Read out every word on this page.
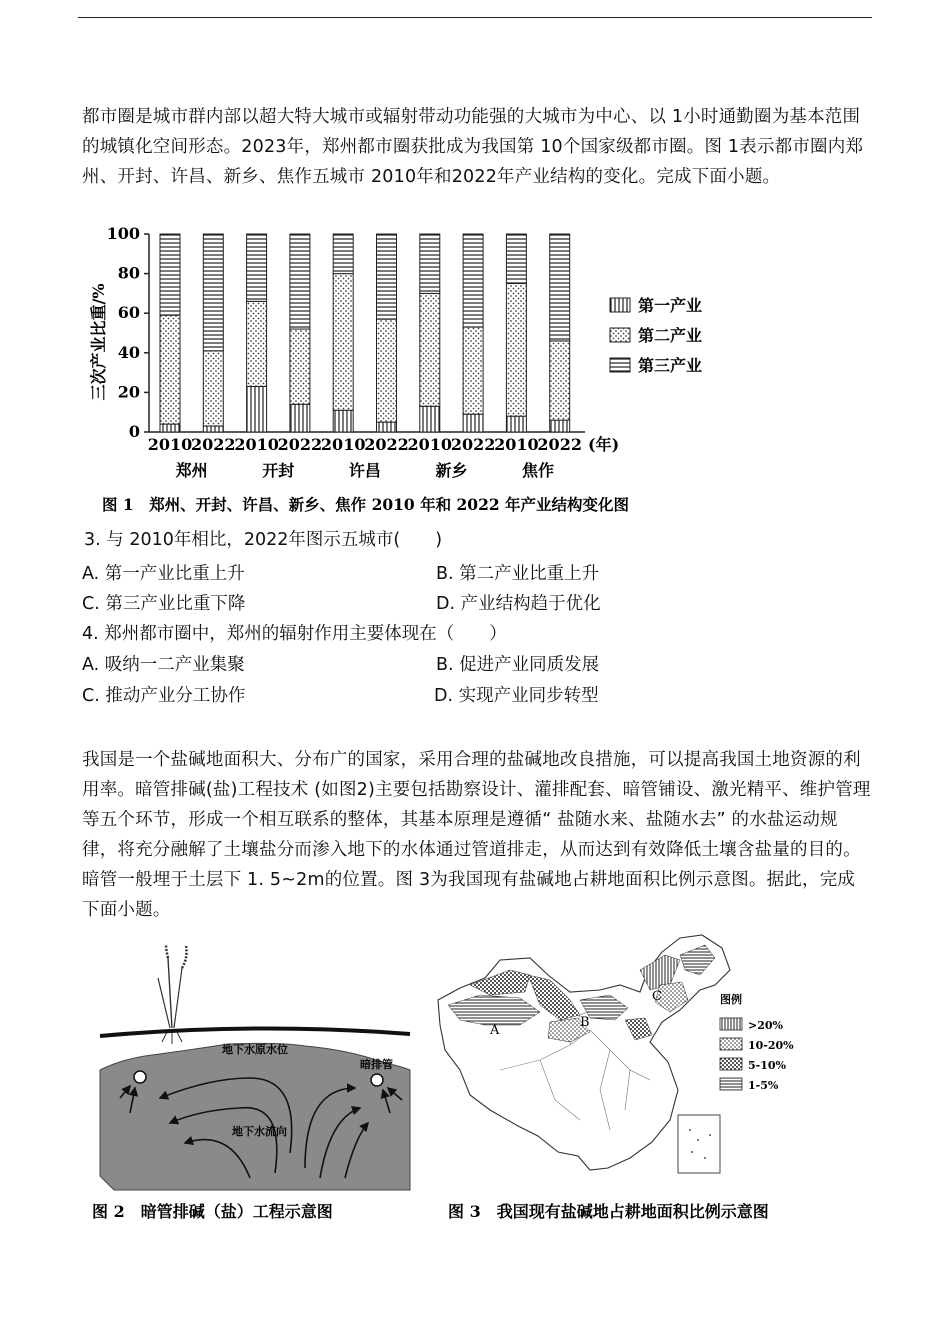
都市圈是城市群内部以超大特大城市或辐射带动功能强的大城市为中心、以 1小时通勤圈为基本范围的城镇化空间形态。2023年，郑州都市圈获批成为我国第 10个国家级都市圈。图 1表示都市圈内郑州、开封、许昌、新乡、焦作五城市 2010年和2022年产业结构的变化。完成下面小题。
三次产业比重/%
0
20
40
60
80
100
2010
2022
2010
2022
2010
2022
2010
2022
2010
2022
郑州	开封	许昌	新乡	焦作
(年)
第一产业
第二产业
第三产业
图 1　郑州、开封、许昌、新乡、焦作 2010 年和 2022 年产业结构变化图
3. 与 2010年相比，2022年图示五城市(　　)
A. 第一产业比重上升	B. 第二产业比重上升
C. 第三产业比重下降	D. 产业结构趋于优化
4. 郑州都市圈中，郑州的辐射作用主要体现在（　　）
A. 吸纳一二产业集聚	B. 促进产业同质发展
C. 推动产业分工协作	D. 实现产业同步转型
我国是一个盐碱地面积大、分布广的国家，采用合理的盐碱地改良措施，可以提高我国土地资源的利用率。暗管排碱(盐)工程技术 (如图2)主要包括勘察设计、灌排配套、暗管铺设、激光精平、维护管理等五个环节，形成一个相互联系的整体，其基本原理是遵循“ 盐随水来、盐随水去” 的水盐运动规律，将充分融解了土壤盐分而渗入地下的水体通过管道排走，从而达到有效降低土壤含盐量的目的。暗管一般埋于土层下 1. 5~2m的位置。图 3为我国现有盐碱地占耕地面积比例示意图。据此，完成下面小题。
地下水原水位
暗排管
地下水流向
图 2　暗管排碱（盐）工程示意图
A
B
C	图例
>20%
10-20%
5-10%
1-5%
图 3　我国现有盐碱地占耕地面积比例示意图
